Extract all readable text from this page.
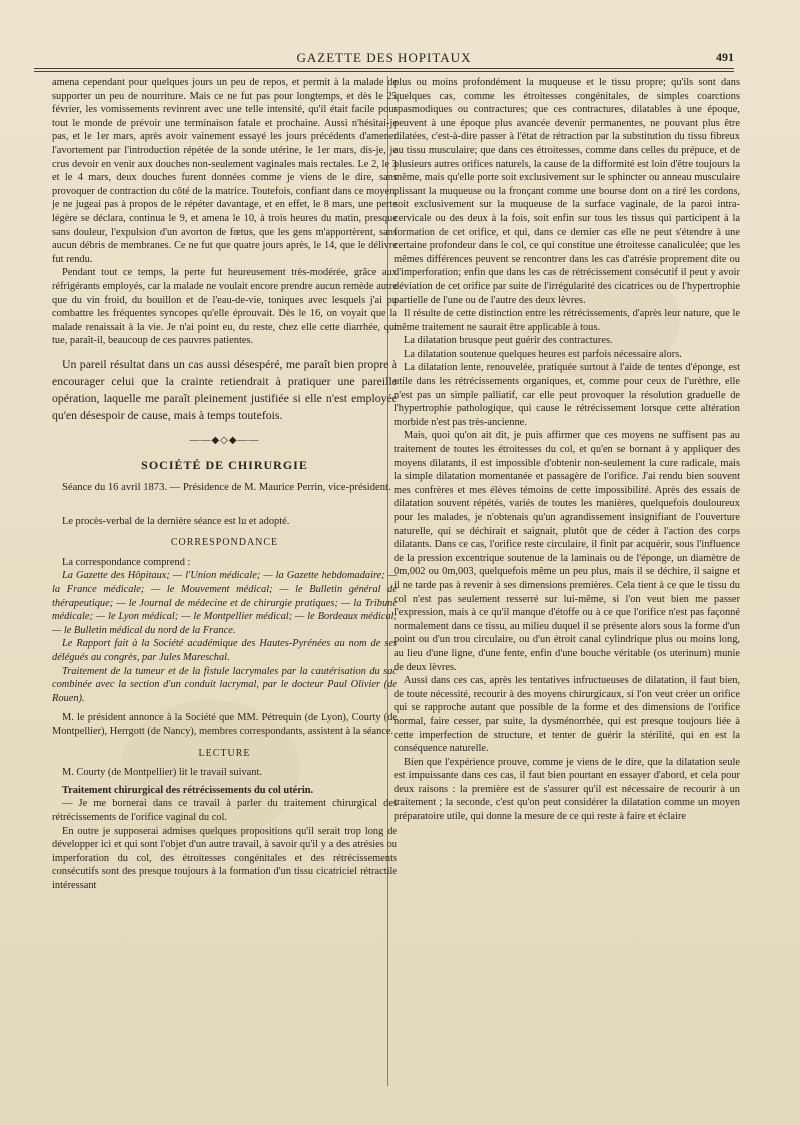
GAZETTE DES HOPITAUX	491

amena cependant pour quelques jours un peu de repos, et permit à la malade de supporter un peu de nourriture. Mais ce ne fut pas pour longtemps, et dès le 25 février, les vomissements revinrent avec une telle intensité, qu'il était facile pour tout le monde de prévoir une terminaison fatale et prochaine. Aussi n'hésitai-je pas, et le 1er mars, après avoir vainement essayé les jours précédents d'amener l'avortement par l'introduction répétée de la sonde utérine, le 1er mars, dis-je, je crus devoir en venir aux douches non-seulement vaginales mais rectales. Le 2, le 3 et le 4 mars, deux douches furent données comme je viens de le dire, sans provoquer de contraction du côté de la matrice. Toutefois, confiant dans ce moyen, je ne jugeai pas à propos de le répéter davantage, et en effet, le 8 mars, une perte légère se déclara, continua le 9, et amena le 10, à trois heures du matin, presque sans douleur, l'expulsion d'un avorton de fœtus, que les gens m'apportèrent, sans aucun débris de membranes. Ce ne fut que quatre jours après, le 14, que le délivre fut rendu.

Pendant tout ce temps, la perte fut heureusement très-modérée, grâce aux réfrigérants employés, car la malade ne voulait encore prendre aucun remède autre que du vin froid, du bouillon et de l'eau-de-vie, toniques avec lesquels j'ai pu combattre les fréquentes syncopes qu'elle éprouvait. Dès le 16, on voyait que la malade renaissait à la vie. Je n'ai point eu, du reste, chez elle cette diarrhée, qui tue, paraît-il, beaucoup de ces pauvres patientes.

Un pareil résultat dans un cas aussi désespéré, me paraît bien propre à encourager celui que la crainte retiendrait à pratiquer une pareille opération, laquelle me paraît pleinement justifiée si elle n'est employée qu'en désespoir de cause, mais à temps toutefois.

——◆◇◆——
SOCIÉTÉ DE CHIRURGIE

Séance du 16 avril 1873. — Présidence de M. Maurice Perrin, vice-président.

Le procès-verbal de la dernière séance est lu et adopté.

CORRESPONDANCE

La correspondance comprend :

La Gazette des Hôpitaux; — l'Union médicale; — la Gazette hebdomadaire; — la France médicale; — le Mouvement médical; — le Bulletin général de thérapeutique; — le Journal de médecine et de chirurgie pratiques; — la Tribune médicale; — le Lyon médical; — le Montpellier médical; — le Bordeaux médical; — le Bulletin médical du nord de la France.

Le Rapport fait à la Société académique des Hautes-Pyrénées au nom de ses délégués au congrès, par Jules Mareschal.

Traitement de la tumeur et de la fistule lacrymales par la cautérisation du sac combinée avec la section d'un conduit lacrymal, par le docteur Paul Olivier (de Rouen).

M. le président annonce à la Société que MM. Pétrequin (de Lyon), Courty (de Montpellier), Herrgott (de Nancy), membres correspondants, assistent à la séance.

LECTURE

M. Courty (de Montpellier) lit le travail suivant.

Traitement chirurgical des rétrécissements du col utérin.

— Je me bornerai dans ce travail à parler du traitement chirurgical des rétrécissements de l'orifice vaginal du col.

En outre je supposerai admises quelques propositions qu'il serait trop long de développer ici et qui sont l'objet d'un autre travail, à savoir qu'il y a des atrésies ou imperforation du col, des étroitesses congénitales et des rétrécissements consécutifs sont des presque toujours à la formation d'un tissu cicatriciel rétractile intéressant

plus ou moins profondément la muqueuse et le tissu propre; qu'ils sont dans quelques cas, comme les étroitesses congénitales, de simples coarctions spasmodiques ou contractures; que ces contractures, dilatables à une époque, peuvent à une époque plus avancée devenir permanentes, ne pouvant plus être dilatées, c'est-à-dire passer à l'état de rétraction par la substitution du tissu fibreux au tissu musculaire; que dans ces étroitesses, comme dans celles du prépuce, et de plusieurs autres orifices naturels, la cause de la difformité est loin d'être toujours la même, mais qu'elle porte soit exclusivement sur le sphincter ou anneau musculaire plissant la muqueuse ou la fronçant comme une bourse dont on a tiré les cordons, soit exclusivement sur la muqueuse de la surface vaginale, de la paroi intra-cervicale ou des deux à la fois, soit enfin sur tous les tissus qui participent à la formation de cet orifice, et qui, dans ce dernier cas elle ne peut s'étendre à une certaine profondeur dans le col, ce qui constitue une étroitesse canaliculée; que les mêmes différences peuvent se rencontrer dans les cas d'atrésie proprement dite ou d'imperforation; enfin que dans les cas de rétrécissement consécutif il peut y avoir déviation de cet orifice par suite de l'irrégularité des cicatrices ou de l'hypertrophie partielle de l'une ou de l'autre des deux lèvres.

Il résulte de cette distinction entre les rétrécissements, d'après leur nature, que le même traitement ne saurait être applicable à tous.

La dilatation brusque peut guérir des contractures.

La dilatation soutenue quelques heures est parfois nécessaire alors.

La dilatation lente, renouvelée, pratiquée surtout à l'aide de tentes d'éponge, est utile dans les rétrécissements organiques, et, comme pour ceux de l'urèthre, elle n'est pas un simple palliatif, car elle peut provoquer la résolution graduelle de l'hypertrophie pathologique, qui cause le rétrécissement lorsque cette altération morbide n'est pas très-ancienne.

Mais, quoi qu'on ait dit, je puis affirmer que ces moyens ne suffisent pas au traitement de toutes les étroitesses du col, et qu'en se bornant à y appliquer des moyens dilatants, il est impossible d'obtenir non-seulement la cure radicale, mais la simple dilatation momentanée et passagère de l'orifice. J'ai rendu bien souvent mes confrères et mes élèves témoins de cette impossibilité. Après des essais de dilatation souvent répétés, variés de toutes les manières, quelquefois douloureux pour les malades, je n'obtenais qu'un agrandissement insignifiant de l'ouverture naturelle, qui se déchirait et saignait, plutôt que de céder à l'action des corps dilatants. Dans ce cas, l'orifice reste circulaire, il finit par acquérir, sous l'influence de la pression excentrique soutenue de la laminais ou de l'éponge, un diamètre de 0m,002 ou 0m,003, quelquefois même un peu plus, mais il se déchire, il saigne et il ne tarde pas à revenir à ses dimensions premières. Cela tient à ce que le tissu du col n'est pas seulement resserré sur lui-même, si l'on veut bien me passer l'expression, mais à ce qu'il manque d'étoffe ou à ce que l'orifice n'est pas façonné normalement dans ce tissu, au milieu duquel il se présente alors sous la forme d'un point ou d'un trou circulaire, ou d'un étroit canal cylindrique plus ou moins long, au lieu d'une ligne, d'une fente, enfin d'une bouche véritable (os uterinum) munie de deux lèvres.

Aussi dans ces cas, après les tentatives infructueuses de dilatation, il faut bien, de toute nécessité, recourir à des moyens chirurgicaux, si l'on veut créer un orifice qui se rapproche autant que possible de la forme et des dimensions de l'orifice normal, faire cesser, par suite, la dysménorrhée, qui est presque toujours liée à cette imperfection de structure, et tenter de guérir la stérilité, qui en est la conséquence naturelle.

Bien que l'expérience prouve, comme je viens de le dire, que la dilatation seule est impuissante dans ces cas, il faut bien pourtant en essayer d'abord, et cela pour deux raisons : la première est de s'assurer qu'il est nécessaire de recourir à un traitement ; la seconde, c'est qu'on peut considérer la dilatation comme un moyen préparatoire utile, qui donne la mesure de ce qui reste à faire et éclaire
